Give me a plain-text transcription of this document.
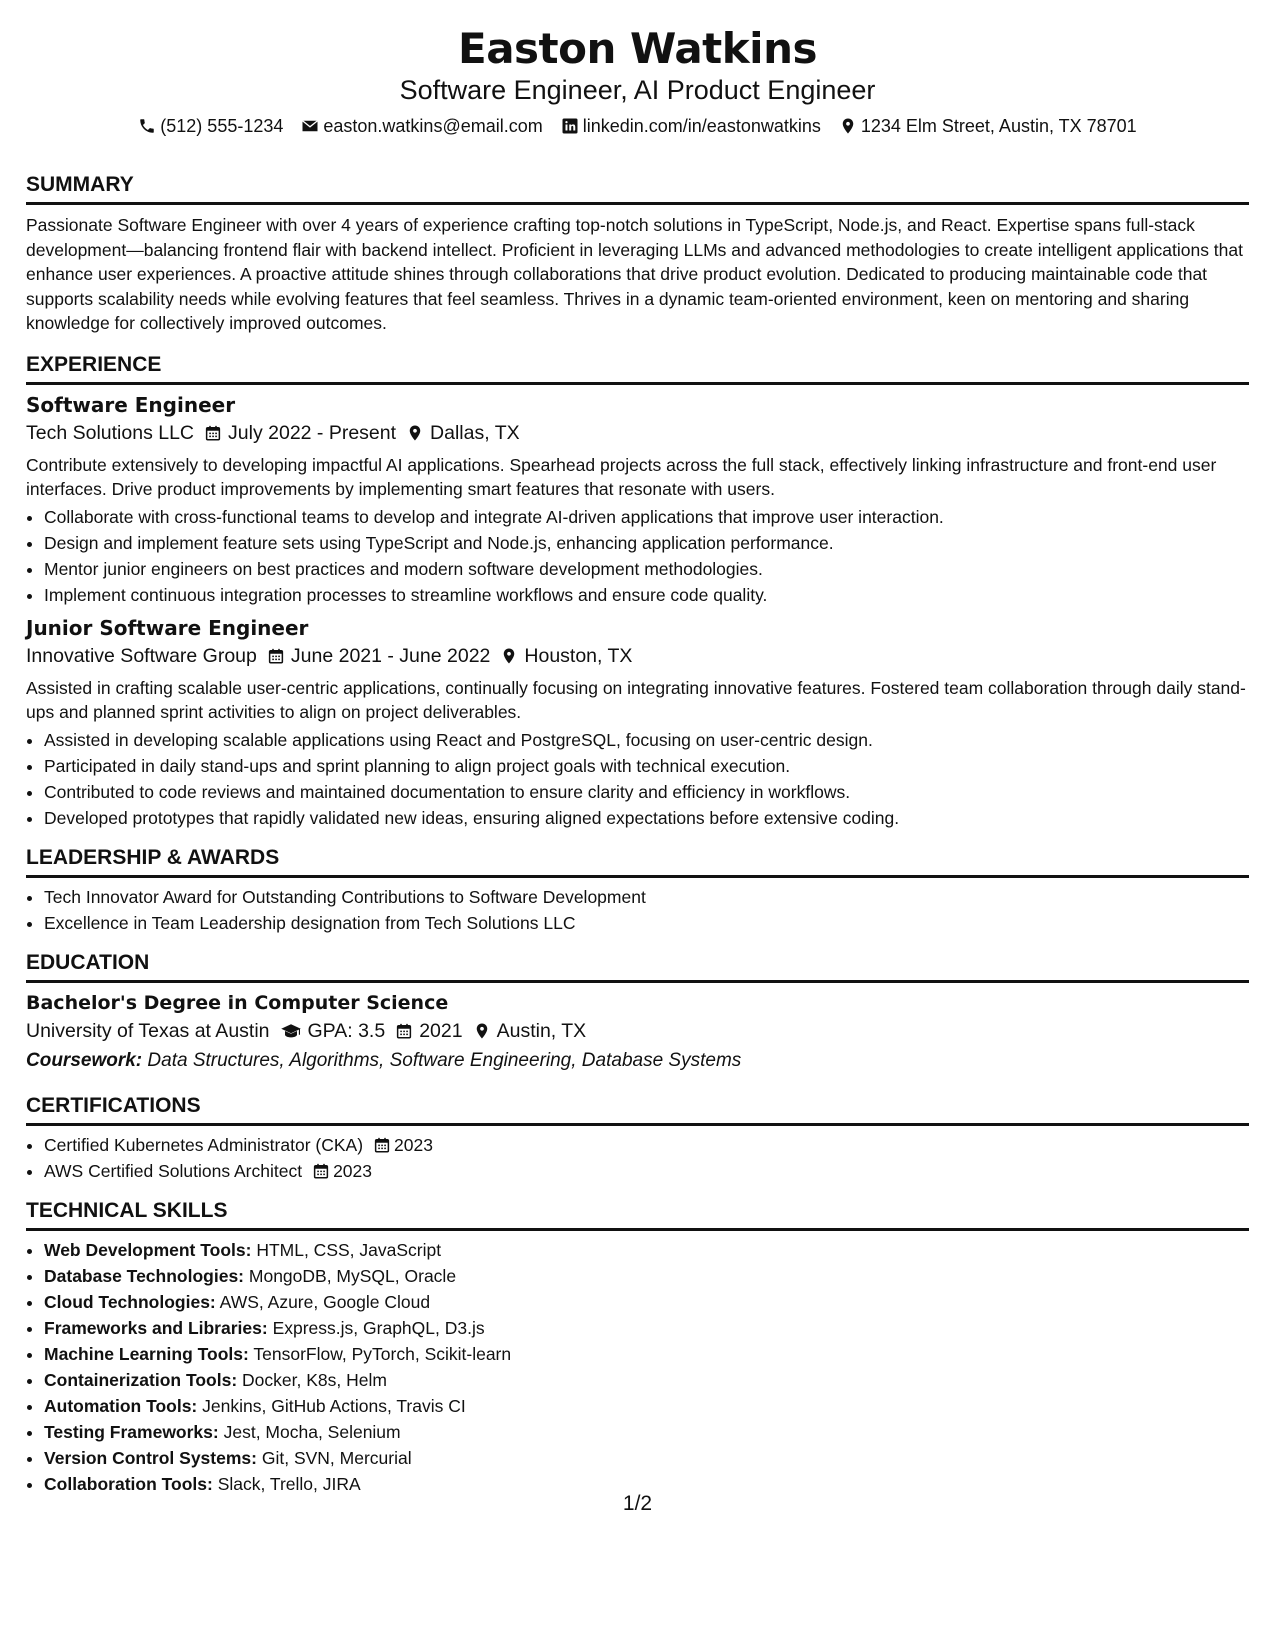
Easton Watkins
Software Engineer, AI Product Engineer
(512) 555-1234 easton.watkins@email.com linkedin.com/in/eastonwatkins 1234 Elm Street, Austin, TX 78701
SUMMARY
Passionate Software Engineer with over 4 years of experience crafting top-notch solutions in TypeScript, Node.js, and React. Expertise spans full-stack development—balancing frontend flair with backend intellect. Proficient in leveraging LLMs and advanced methodologies to create intelligent applications that enhance user experiences. A proactive attitude shines through collaborations that drive product evolution. Dedicated to producing maintainable code that supports scalability needs while evolving features that feel seamless. Thrives in a dynamic team-oriented environment, keen on mentoring and sharing knowledge for collectively improved outcomes.
EXPERIENCE
Software Engineer
Tech Solutions LLC July 2022 - Present Dallas, TX
Contribute extensively to developing impactful AI applications. Spearhead projects across the full stack, effectively linking infrastructure and front-end user interfaces. Drive product improvements by implementing smart features that resonate with users.
• Collaborate with cross-functional teams to develop and integrate AI-driven applications that improve user interaction.
• Design and implement feature sets using TypeScript and Node.js, enhancing application performance.
• Mentor junior engineers on best practices and modern software development methodologies.
• Implement continuous integration processes to streamline workflows and ensure code quality.
Junior Software Engineer
Innovative Software Group June 2021 - June 2022 Houston, TX
Assisted in crafting scalable user-centric applications, continually focusing on integrating innovative features. Fostered team collaboration through daily stand-ups and planned sprint activities to align on project deliverables.
• Assisted in developing scalable applications using React and PostgreSQL, focusing on user-centric design.
• Participated in daily stand-ups and sprint planning to align project goals with technical execution.
• Contributed to code reviews and maintained documentation to ensure clarity and efficiency in workflows.
• Developed prototypes that rapidly validated new ideas, ensuring aligned expectations before extensive coding.
LEADERSHIP & AWARDS
• Tech Innovator Award for Outstanding Contributions to Software Development
• Excellence in Team Leadership designation from Tech Solutions LLC
EDUCATION
Bachelor's Degree in Computer Science
University of Texas at Austin GPA: 3.5 2021 Austin, TX
Coursework: Data Structures, Algorithms, Software Engineering, Database Systems
CERTIFICATIONS
• Certified Kubernetes Administrator (CKA) 2023
• AWS Certified Solutions Architect 2023
TECHNICAL SKILLS
• Web Development Tools: HTML, CSS, JavaScript
• Database Technologies: MongoDB, MySQL, Oracle
• Cloud Technologies: AWS, Azure, Google Cloud
• Frameworks and Libraries: Express.js, GraphQL, D3.js
• Machine Learning Tools: TensorFlow, PyTorch, Scikit-learn
• Containerization Tools: Docker, K8s, Helm
• Automation Tools: Jenkins, GitHub Actions, Travis CI
• Testing Frameworks: Jest, Mocha, Selenium
• Version Control Systems: Git, SVN, Mercurial
• Collaboration Tools: Slack, Trello, JIRA
1/2
